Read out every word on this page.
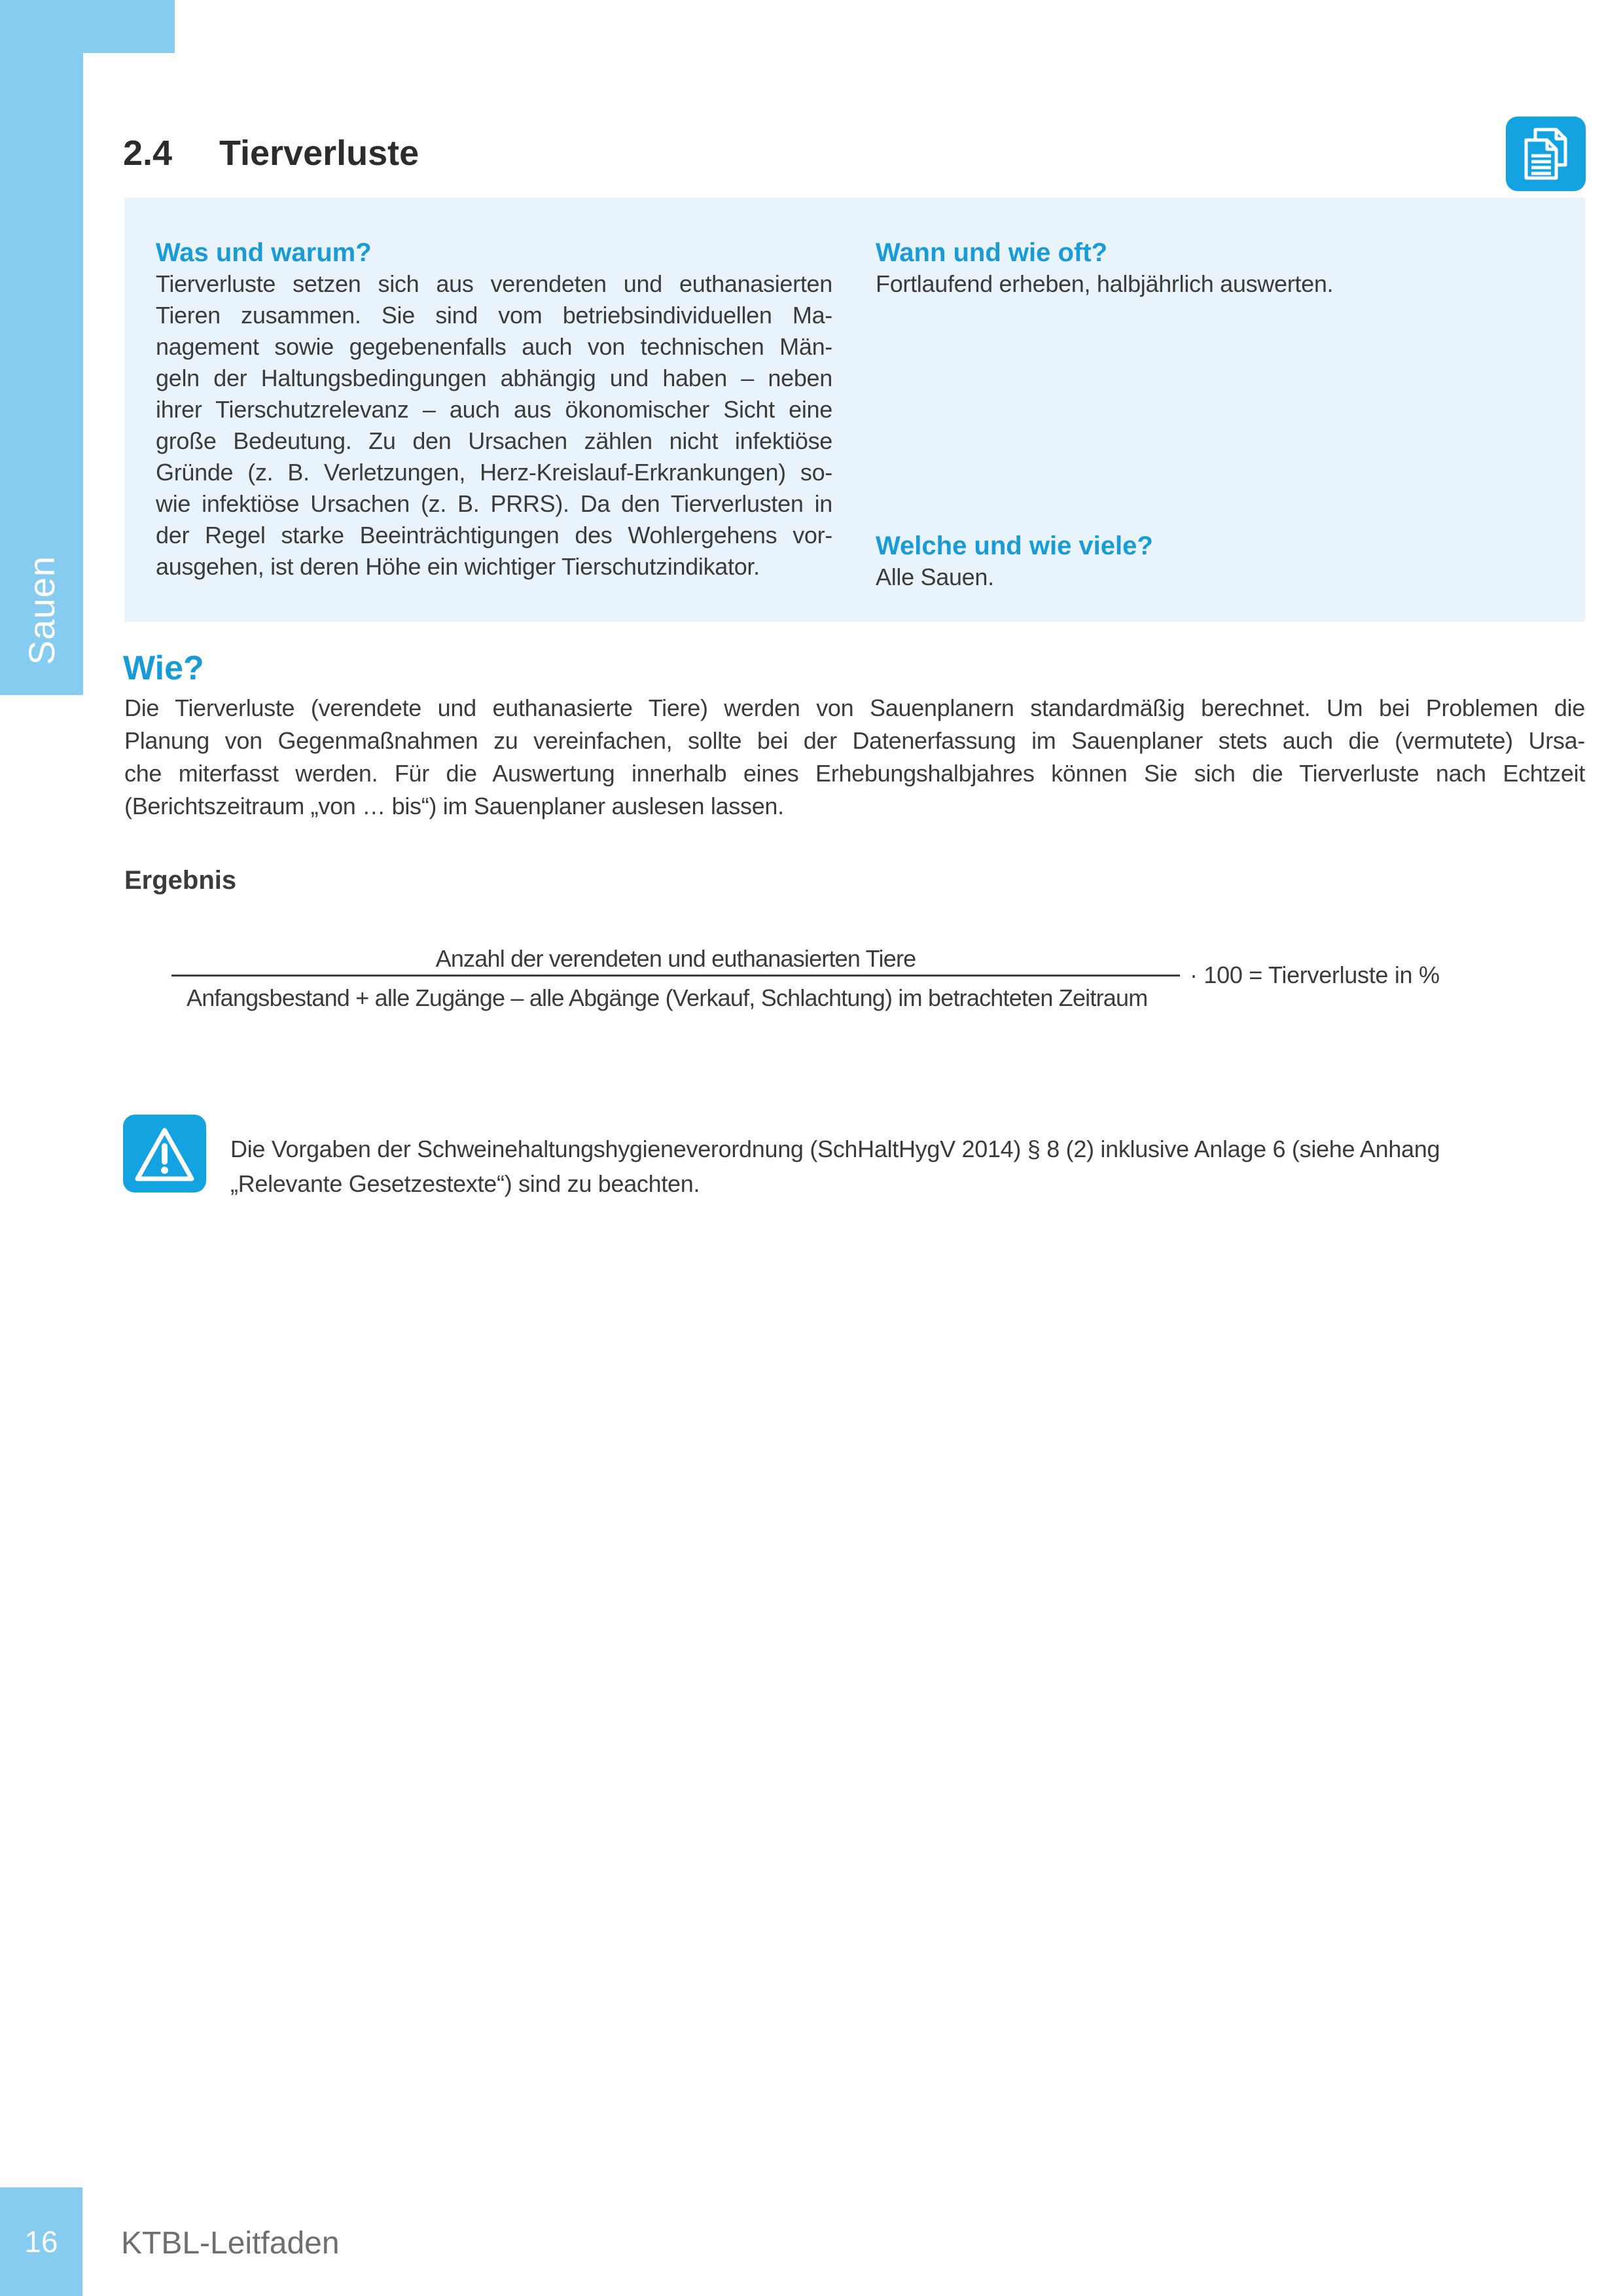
Sauen
2.4 Tierverluste
Was und warum?
Tierverluste setzen sich aus verendeten und euthanasierten
Tieren zusammen. Sie sind vom betriebsindividuellen Ma-
nagement sowie gegebenenfalls auch von technischen Män-
geln der Haltungsbedingungen abhängig und haben – neben
ihrer Tierschutzrelevanz – auch aus ökonomischer Sicht eine
große Bedeutung. Zu den Ursachen zählen nicht infektiöse
Gründe (z. B. Verletzungen, Herz-Kreislauf-Erkrankungen) so-
wie infektiöse Ursachen (z. B. PRRS). Da den Tierverlusten in
der Regel starke Beeinträchtigungen des Wohlergehens vor-
ausgehen, ist deren Höhe ein wichtiger Tierschutzindikator.
Wann und wie oft?
Fortlaufend erheben, halbjährlich auswerten.
Welche und wie viele?
Alle Sauen.
Wie?
Die Tierverluste (verendete und euthanasierte Tiere) werden von Sauenplanern standardmäßig berechnet. Um bei Problemen die
Planung von Gegenmaßnahmen zu vereinfachen, sollte bei der Datenerfassung im Sauenplaner stets auch die (vermutete) Ursa-
che miterfasst werden. Für die Auswertung innerhalb eines Erhebungshalbjahres können Sie sich die Tierverluste nach Echtzeit
(Berichtszeitraum „von … bis“) im Sauenplaner auslesen lassen.
Ergebnis
Anzahl der verendeten und euthanasierten Tiere
Anfangsbestand + alle Zugänge – alle Abgänge (Verkauf, Schlachtung) im betrachteten Zeitraum
· 100 = Tierverluste in %
Die Vorgaben der Schweinehaltungshygieneverordnung (SchHaltHygV 2014) § 8 (2) inklusive Anlage 6 (siehe Anhang
„Relevante Gesetzestexte“) sind zu beachten.
16 KTBL-Leitfaden
